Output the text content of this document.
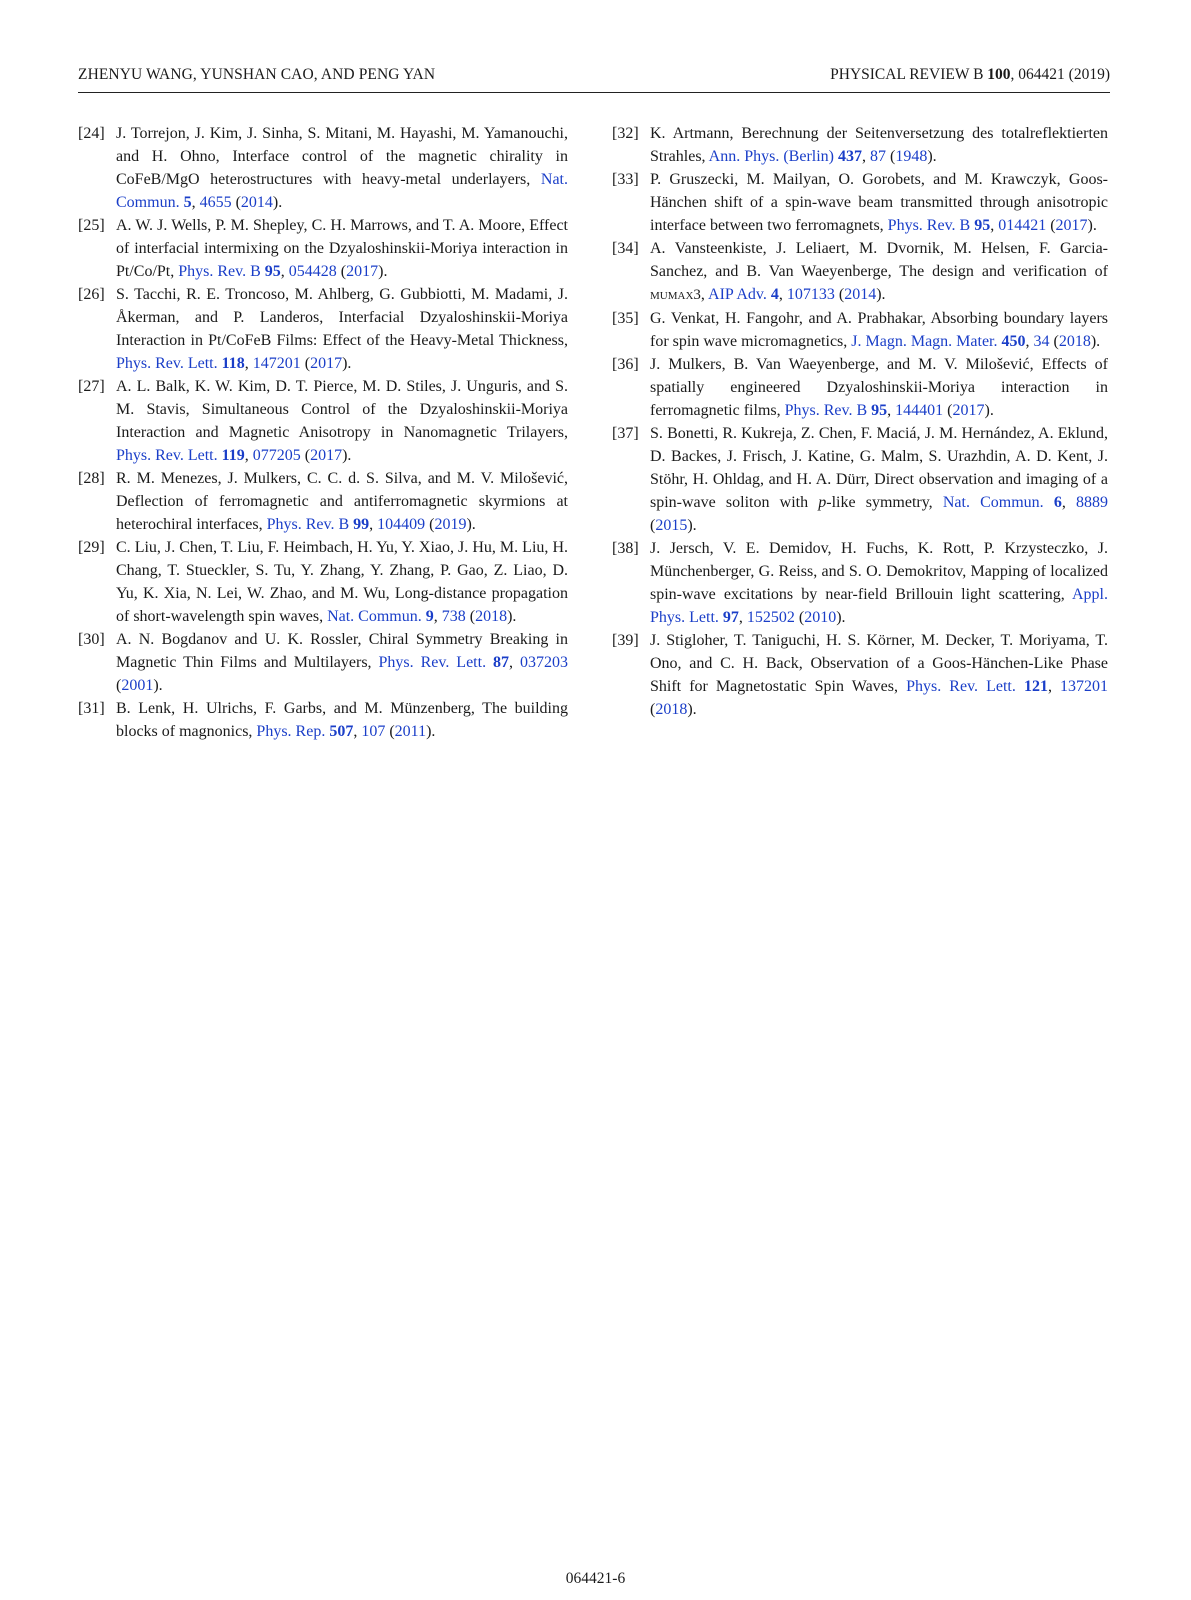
ZHENYU WANG, YUNSHAN CAO, AND PENG YAN	PHYSICAL REVIEW B 100, 064421 (2019)

[24] J. Torrejon, J. Kim, J. Sinha, S. Mitani, M. Hayashi, M. Yamanouchi, and H. Ohno, Interface control of the magnetic chirality in CoFeB/MgO heterostructures with heavy-metal underlayers, Nat. Commun. 5, 4655 (2014).

[25] A. W. J. Wells, P. M. Shepley, C. H. Marrows, and T. A. Moore, Effect of interfacial intermixing on the Dzyaloshinskii-Moriya interaction in Pt/Co/Pt, Phys. Rev. B 95, 054428 (2017).

[26] S. Tacchi, R. E. Troncoso, M. Ahlberg, G. Gubbiotti, M. Madami, J. Åkerman, and P. Landeros, Interfacial Dzyaloshinskii-Moriya Interaction in Pt/CoFeB Films: Effect of the Heavy-Metal Thickness, Phys. Rev. Lett. 118, 147201 (2017).

[27] A. L. Balk, K. W. Kim, D. T. Pierce, M. D. Stiles, J. Unguris, and S. M. Stavis, Simultaneous Control of the Dzyaloshinskii-Moriya Interaction and Magnetic Anisotropy in Nanomagnetic Trilayers, Phys. Rev. Lett. 119, 077205 (2017).

[28] R. M. Menezes, J. Mulkers, C. C. d. S. Silva, and M. V. Milošević, Deflection of ferromagnetic and antiferromagnetic skyrmions at heterochiral interfaces, Phys. Rev. B 99, 104409 (2019).

[29] C. Liu, J. Chen, T. Liu, F. Heimbach, H. Yu, Y. Xiao, J. Hu, M. Liu, H. Chang, T. Stueckler, S. Tu, Y. Zhang, Y. Zhang, P. Gao, Z. Liao, D. Yu, K. Xia, N. Lei, W. Zhao, and M. Wu, Long-distance propagation of short-wavelength spin waves, Nat. Commun. 9, 738 (2018).

[30] A. N. Bogdanov and U. K. Rossler, Chiral Symmetry Breaking in Magnetic Thin Films and Multilayers, Phys. Rev. Lett. 87, 037203 (2001).

[31] B. Lenk, H. Ulrichs, F. Garbs, and M. Münzenberg, The building blocks of magnonics, Phys. Rep. 507, 107 (2011).

[32] K. Artmann, Berechnung der Seitenversetzung des totalreflektierten Strahles, Ann. Phys. (Berlin) 437, 87 (1948).

[33] P. Gruszecki, M. Mailyan, O. Gorobets, and M. Krawczyk, Goos-Hänchen shift of a spin-wave beam transmitted through anisotropic interface between two ferromagnets, Phys. Rev. B 95, 014421 (2017).

[34] A. Vansteenkiste, J. Leliaert, M. Dvornik, M. Helsen, F. Garcia-Sanchez, and B. Van Waeyenberge, The design and verification of mumax3, AIP Adv. 4, 107133 (2014).

[35] G. Venkat, H. Fangohr, and A. Prabhakar, Absorbing boundary layers for spin wave micromagnetics, J. Magn. Magn. Mater. 450, 34 (2018).

[36] J. Mulkers, B. Van Waeyenberge, and M. V. Milošević, Effects of spatially engineered Dzyaloshinskii-Moriya interaction in ferromagnetic films, Phys. Rev. B 95, 144401 (2017).

[37] S. Bonetti, R. Kukreja, Z. Chen, F. Maciá, J. M. Hernández, A. Eklund, D. Backes, J. Frisch, J. Katine, G. Malm, S. Urazhdin, A. D. Kent, J. Stöhr, H. Ohldag, and H. A. Dürr, Direct observation and imaging of a spin-wave soliton with p-like symmetry, Nat. Commun. 6, 8889 (2015).

[38] J. Jersch, V. E. Demidov, H. Fuchs, K. Rott, P. Krzysteczko, J. Münchenberger, G. Reiss, and S. O. Demokritov, Mapping of localized spin-wave excitations by near-field Brillouin light scattering, Appl. Phys. Lett. 97, 152502 (2010).

[39] J. Stigloher, T. Taniguchi, H. S. Körner, M. Decker, T. Moriyama, T. Ono, and C. H. Back, Observation of a Goos-Hänchen-Like Phase Shift for Magnetostatic Spin Waves, Phys. Rev. Lett. 121, 137201 (2018).

064421-6
